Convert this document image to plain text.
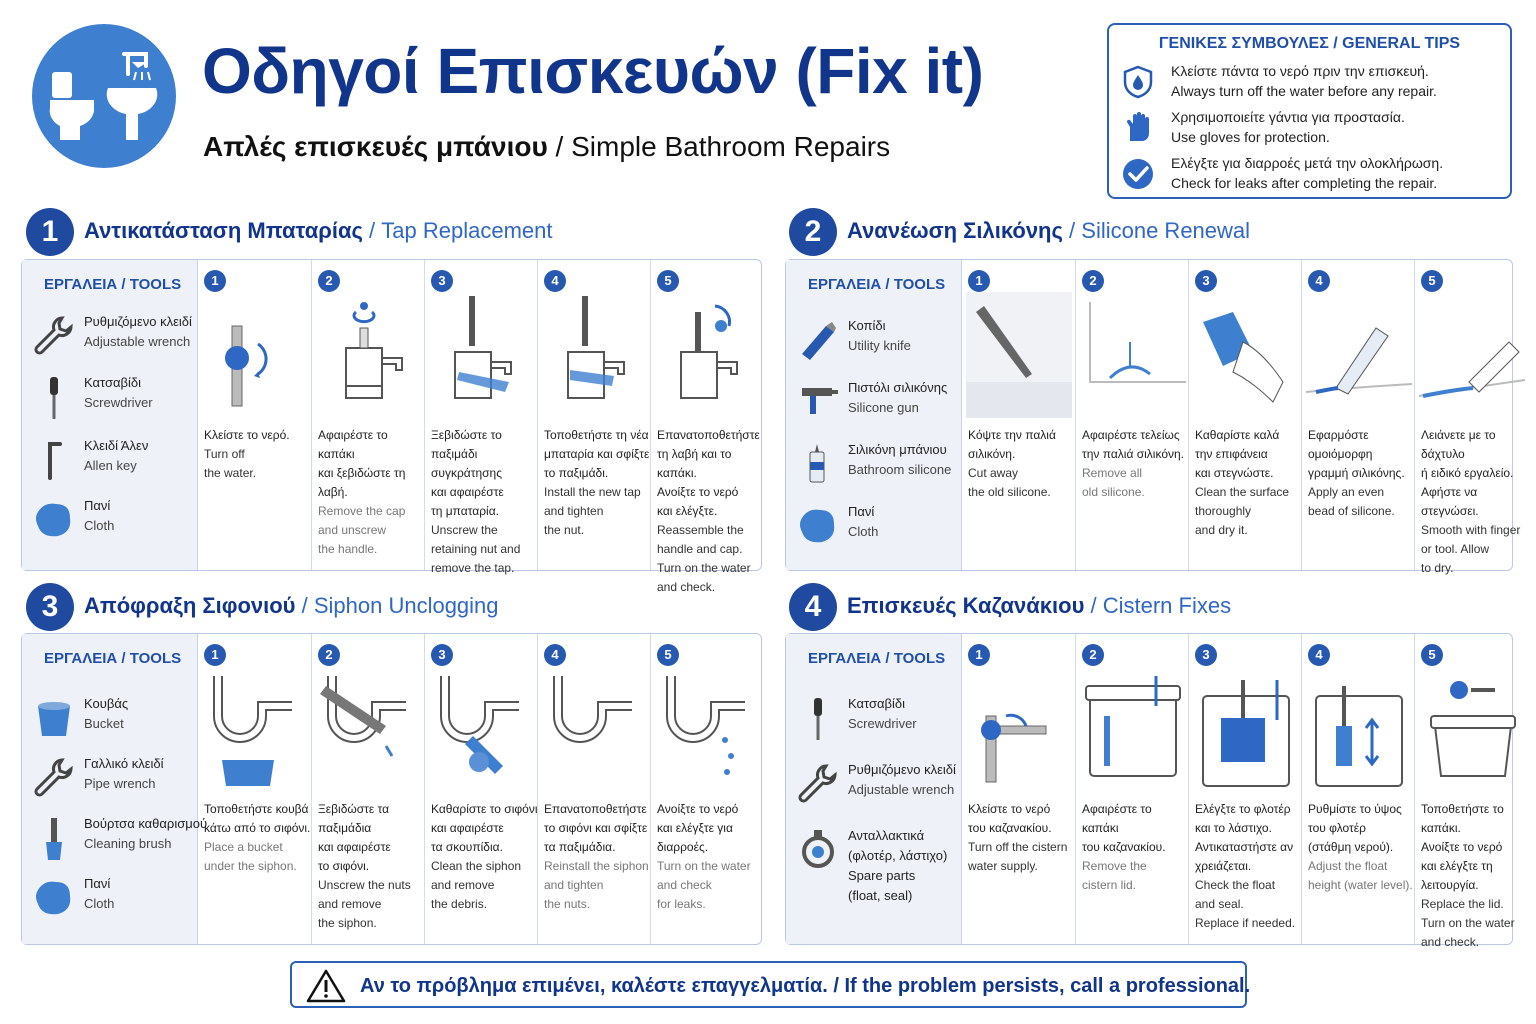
Οδηγοί Επισκευών (Fix it)
Απλές επισκευές μπάνιου / Simple Bathroom Repairs
ΓΕΝΙΚΕΣ ΣΥΜΒΟΥΛΕΣ / GENERAL TIPS
Κλείστε πάντα το νερό πριν την επισκευή.
Always turn off the water before any repair.
Χρησιμοποιείτε γάντια για προστασία.
Use gloves for protection.
Ελέγξτε για διαρροές μετά την ολοκλήρωση.
Check for leaks after completing the repair.
1	Αντικατάσταση Μπαταρίας / Tap Replacement
ΕΡΓΑΛΕΙΑ / TOOLS
Ρυθμιζόμενο κλειδί
Adjustable wrench
Κατσαβίδι
Screwdriver
Κλειδί Άλεν
Allen key
Πανί
Cloth
1
Κλείστε το νερό.
Turn off
the water.
2
Αφαιρέστε το καπάκι
και ξεβιδώστε τη λαβή.
Remove the cap
and unscrew
the handle.
3
Ξεβιδώστε το
παξιμάδι συγκράτησης
και αφαιρέστε
τη μπαταρία.
Unscrew the
retaining nut and
remove the tap.
4
Τοποθετήστε τη νέα
μπαταρία και σφίξτε
το παξιμάδι.
Install the new tap
and tighten
the nut.
5
Επανατοποθετήστε
τη λαβή και το καπάκι.
Ανοίξτε το νερό
και ελέγξτε.
Reassemble the
handle and cap.
Turn on the water
and check.
2	Ανανέωση Σιλικόνης / Silicone Renewal
ΕΡΓΑΛΕΙΑ / TOOLS
Κοπίδι
Utility knife
Πιστόλι σιλικόνης
Silicone gun
Σιλικόνη μπάνιου
Bathroom silicone
Πανί
Cloth
1
Κόψτε την παλιά
σιλικόνη.
Cut away
the old silicone.
2
Αφαιρέστε τελείως
την παλιά σιλικόνη.
Remove all
old silicone.
3
Καθαρίστε καλά
την επιφάνεια
και στεγνώστε.
Clean the surface
thoroughly
and dry it.
4
Εφαρμόστε ομοιόμορφη
γραμμή σιλικόνης.
Apply an even
bead of silicone.
5
Λειάνετε με το δάχτυλο
ή ειδικό εργαλείο.
Αφήστε να στεγνώσει.
Smooth with finger
or tool. Allow
to dry.
3	Απόφραξη Σιφονιού / Siphon Unclogging
ΕΡΓΑΛΕΙΑ / TOOLS
Κουβάς
Bucket
Γαλλικό κλειδί
Pipe wrench
Βούρτσα καθαρισμού
Cleaning brush
Πανί
Cloth
1
Τοποθετήστε κουβά
κάτω από το σιφόνι.
Place a bucket
under the siphon.
2
Ξεβιδώστε τα παξιμάδια
και αφαιρέστε
το σιφόνι.
Unscrew the nuts
and remove
the siphon.
3
Καθαρίστε το σιφόνι
και αφαιρέστε
τα σκουπίδια.
Clean the siphon
and remove
the debris.
4
Επανατοποθετήστε
το σιφόνι και σφίξτε
τα παξιμάδια.
Reinstall the siphon
and tighten
the nuts.
5
Ανοίξτε το νερό
και ελέγξτε για
διαρροές.
Turn on the water
and check
for leaks.
4	Επισκευές Καζανάκιου / Cistern Fixes
ΕΡΓΑΛΕΙΑ / TOOLS
Κατσαβίδι
Screwdriver
Ρυθμιζόμενο κλειδί
Adjustable wrench
Ανταλλακτικά
(φλοτέρ, λάστιχο)
Spare parts
(float, seal)
1
Κλείστε το νερό
του καζανακίου.
Turn off the cistern
water supply.
2
Αφαιρέστε το καπάκι
του καζανακίου.
Remove the
cistern lid.
3
Ελέγξτε το φλοτέρ
και το λάστιχο.
Αντικαταστήστε αν
χρειάζεται.
Check the float
and seal.
Replace if needed.
4
Ρυθμίστε το ύψος
του φλοτέρ
(στάθμη νερού).
Adjust the float
height (water level).
5
Τοποθετήστε το καπάκι.
Ανοίξτε το νερό
και ελέγξτε τη
λειτουργία.
Replace the lid.
Turn on the water
and check.
Αν το πρόβλημα επιμένει, καλέστε επαγγελματία. / If the problem persists, call a professional.
